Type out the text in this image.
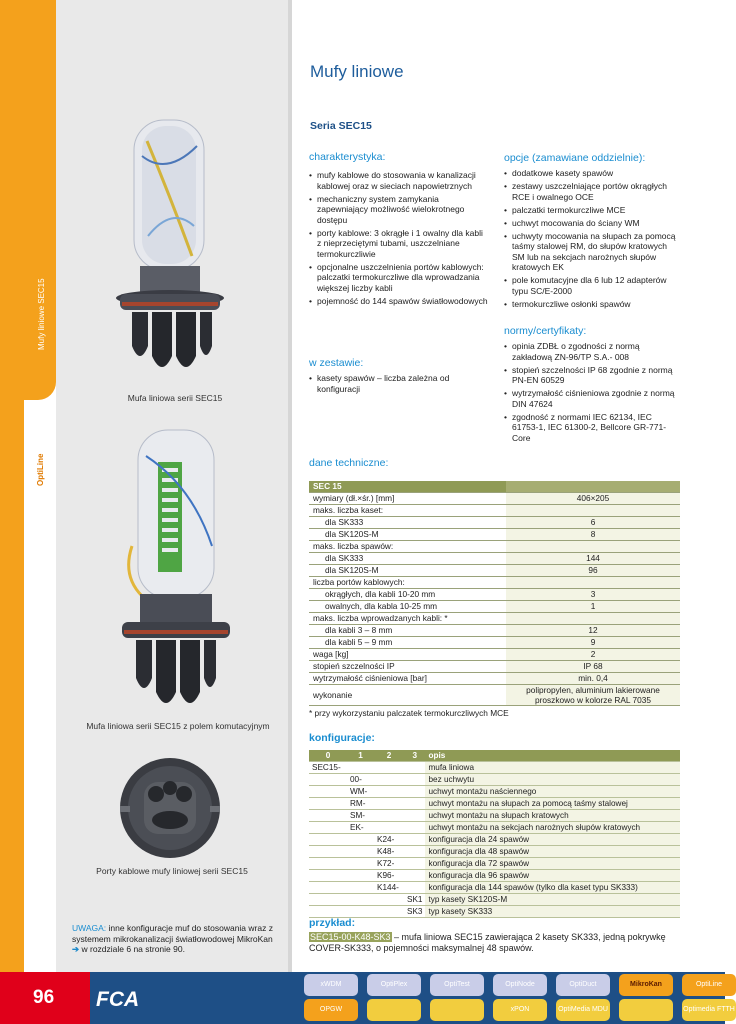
Mufy liniowe SEC15
OptiLine
Mufa liniowa serii SEC15
Mufa liniowa serii SEC15 z polem komutacyjnym
Porty kablowe mufy liniowej serii SEC15
UWAGA: inne konfiguracje muf do stosowania wraz z systemem mikrokanalizacji światłowodowej MikroKan ➔ w rozdziale 6 na stronie 90.
Mufy liniowe
Seria SEC15
charakterystyka:
• mufy kablowe do stosowania w kanalizacji kablowej oraz w sieciach napowietrznych
• mechaniczny system zamykania zapewniający możliwość wielokrotnego dostępu
• porty kablowe: 3 okrągłe i 1 owalny dla kabli z nieprzeciętymi tubami, uszczelniane termokurczliwie
• opcjonalne uszczelnienia portów kablowych: palczatki termokurczliwe dla wprowadzania większej liczby kabli
• pojemność do 144 spawów światłowodowych
w zestawie:
• kasety spawów – liczba zależna od konfiguracji
opcje (zamawiane oddzielnie):
• dodatkowe kasety spawów
• zestawy uszczelniające portów okrągłych RCE i owalnego OCE
• palczatki termokurczliwe MCE
• uchwyt mocowania do ściany WM
• uchwyty mocowania na słupach za pomocą taśmy stalowej RM, do słupów kratowych SM lub na sekcjach narożnych słupów kratowych EK
• pole komutacyjne dla 6 lub 12 adapterów typu SC/E-2000
• termokurczliwe osłonki spawów
normy/certyfikaty:
• opinia ZDBŁ o zgodności z normą zakładową ZN-96/TP S.A.- 008
• stopień szczelności IP 68 zgodnie z normą PN-EN 60529
• wytrzymałość ciśnieniowa zgodnie z normą DIN 47624
• zgodność z normami IEC 62134, IEC 61753-1, IEC 61300-2, Bellcore GR-771-Core
dane techniczne:
SEC 15	
wymiary (dł.×śr.) [mm]	406×205
maks. liczba kaset:	
dla SK333	6
dla SK120S-M	8
maks. liczba spawów:	
dla SK333	144
dla SK120S-M	96
liczba portów kablowych:	
okrągłych, dla kabli 10-20 mm	3
owalnych, dla kabla 10-25 mm	1
maks. liczba wprowadzanych kabli: *	
dla kabli 3 – 8 mm	12
dla kabli 5 – 9 mm	9
waga [kg]	2
stopień szczelności IP	IP 68
wytrzymałość ciśnieniowa [bar]	min. 0,4
wykonanie	polipropylen, aluminium lakierowane
proszkowo w kolorze RAL 7035
* przy wykorzystaniu palczatek termokurczliwych MCE
konfiguracje:
0	1	2	3	opis
SEC15-				mufa liniowa
	00-			bez uchwytu
	WM-			uchwyt montażu naściennego
	RM-			uchwyt montażu na słupach za pomocą taśmy stalowej
	SM-			uchwyt montażu na słupach kratowych
	EK-			uchwyt montażu na sekcjach narożnych słupów kratowych
		K24-		konfiguracja dla 24 spawów
		K48-		konfiguracja dla 48 spawów
		K72-		konfiguracja dla 72 spawów
		K96-		konfiguracja dla 96 spawów
		K144-		konfiguracja dla 144 spawów (tylko dla kaset typu SK333)
			SK1	typ kasety SK120S-M
			SK3	typ kasety SK333
przykład:
SEC15-00-K48-SK3 – mufa liniowa SEC15 zawierająca 2 kasety SK333, jedną pokrywkę COVER-SK333, o pojemności maksymalnej 48 spawów.
96	FCA
xWDM	OptiPlex	OptiTest	OptiNode	OptiDuct	MikroKan	OptiLine
OPGW	xPON	OptiMedia MDU	Optimedia FTTH
